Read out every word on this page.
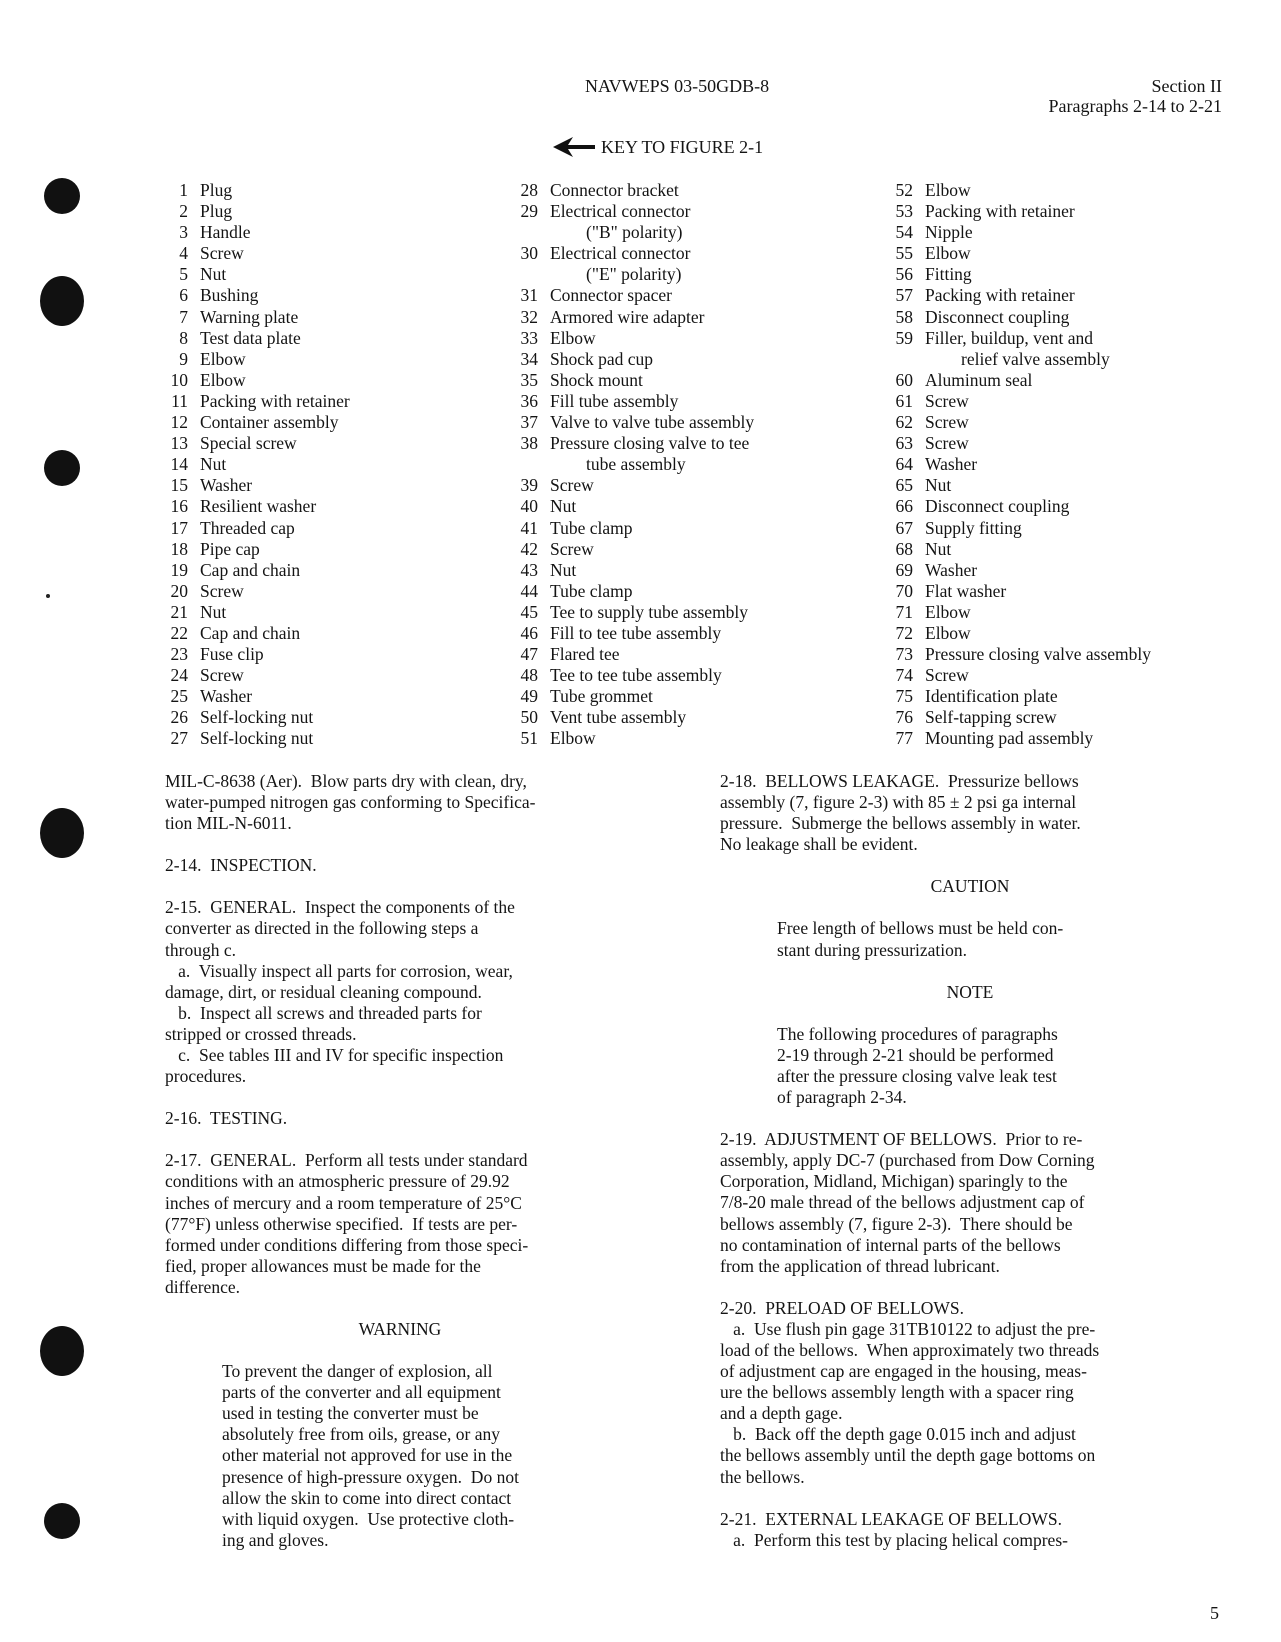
NAVWEPS 03-50GDB-8	Section II
Paragraphs 2-14 to 2-21
KEY TO FIGURE 2-1
1 Plug
2 Plug
3 Handle
4 Screw
5 Nut
6 Bushing
7 Warning plate
8 Test data plate
9 Elbow
10 Elbow
11 Packing with retainer
12 Container assembly
13 Special screw
14 Nut
15 Washer
16 Resilient washer
17 Threaded cap
18 Pipe cap
19 Cap and chain
20 Screw
21 Nut
22 Cap and chain
23 Fuse clip
24 Screw
25 Washer
26 Self-locking nut
27 Self-locking nut
28 Connector bracket
29 Electrical connector
("B" polarity)
30 Electrical connector
("E" polarity)
31 Connector spacer
32 Armored wire adapter
33 Elbow
34 Shock pad cup
35 Shock mount
36 Fill tube assembly
37 Valve to valve tube assembly
38 Pressure closing valve to tee
tube assembly
39 Screw
40 Nut
41 Tube clamp
42 Screw
43 Nut
44 Tube clamp
45 Tee to supply tube assembly
46 Fill to tee tube assembly
47 Flared tee
48 Tee to tee tube assembly
49 Tube grommet
50 Vent tube assembly
51 Elbow
52 Elbow
53 Packing with retainer
54 Nipple
55 Elbow
56 Fitting
57 Packing with retainer
58 Disconnect coupling
59 Filler, buildup, vent and
relief valve assembly
60 Aluminum seal
61 Screw
62 Screw
63 Screw
64 Washer
65 Nut
66 Disconnect coupling
67 Supply fitting
68 Nut
69 Washer
70 Flat washer
71 Elbow
72 Elbow
73 Pressure closing valve assembly
74 Screw
75 Identification plate
76 Self-tapping screw
77 Mounting pad assembly

MIL-C-8638 (Aer).  Blow parts dry with clean, dry,

water-pumped nitrogen gas conforming to Specifica-

tion MIL-N-6011.

2-14.  INSPECTION.

2-15.  GENERAL.  Inspect the components of the

converter as directed in the following steps a

through c.

a.  Visually inspect all parts for corrosion, wear,

damage, dirt, or residual cleaning compound.

b.  Inspect all screws and threaded parts for

stripped or crossed threads.

c.  See tables III and IV for specific inspection

procedures.

2-16.  TESTING.

2-17.  GENERAL.  Perform all tests under standard

conditions with an atmospheric pressure of 29.92

inches of mercury and a room temperature of 25°C

(77°F) unless otherwise specified.  If tests are per-

formed under conditions differing from those speci-

fied, proper allowances must be made for the

difference.

WARNING

To prevent the danger of explosion, all

parts of the converter and all equipment

used in testing the converter must be

absolutely free from oils, grease, or any

other material not approved for use in the

presence of high-pressure oxygen.  Do not

allow the skin to come into direct contact

with liquid oxygen.  Use protective cloth-

ing and gloves.

2-18.  BELLOWS LEAKAGE.  Pressurize bellows

assembly (7, figure 2-3) with 85 ± 2 psi ga internal

pressure.  Submerge the bellows assembly in water.

No leakage shall be evident.

CAUTION

Free length of bellows must be held con-

stant during pressurization.

NOTE

The following procedures of paragraphs

2-19 through 2-21 should be performed

after the pressure closing valve leak test

of paragraph 2-34.

2-19.  ADJUSTMENT OF BELLOWS.  Prior to re-

assembly, apply DC-7 (purchased from Dow Corning

Corporation, Midland, Michigan) sparingly to the

7/8-20 male thread of the bellows adjustment cap of

bellows assembly (7, figure 2-3).  There should be

no contamination of internal parts of the bellows

from the application of thread lubricant.

2-20.  PRELOAD OF BELLOWS.

a.  Use flush pin gage 31TB10122 to adjust the pre-

load of the bellows.  When approximately two threads

of adjustment cap are engaged in the housing, meas-

ure the bellows assembly length with a spacer ring

and a depth gage.

b.  Back off the depth gage 0.015 inch and adjust

the bellows assembly until the depth gage bottoms on

the bellows.

2-21.  EXTERNAL LEAKAGE OF BELLOWS.

a.  Perform this test by placing helical compres-

5
